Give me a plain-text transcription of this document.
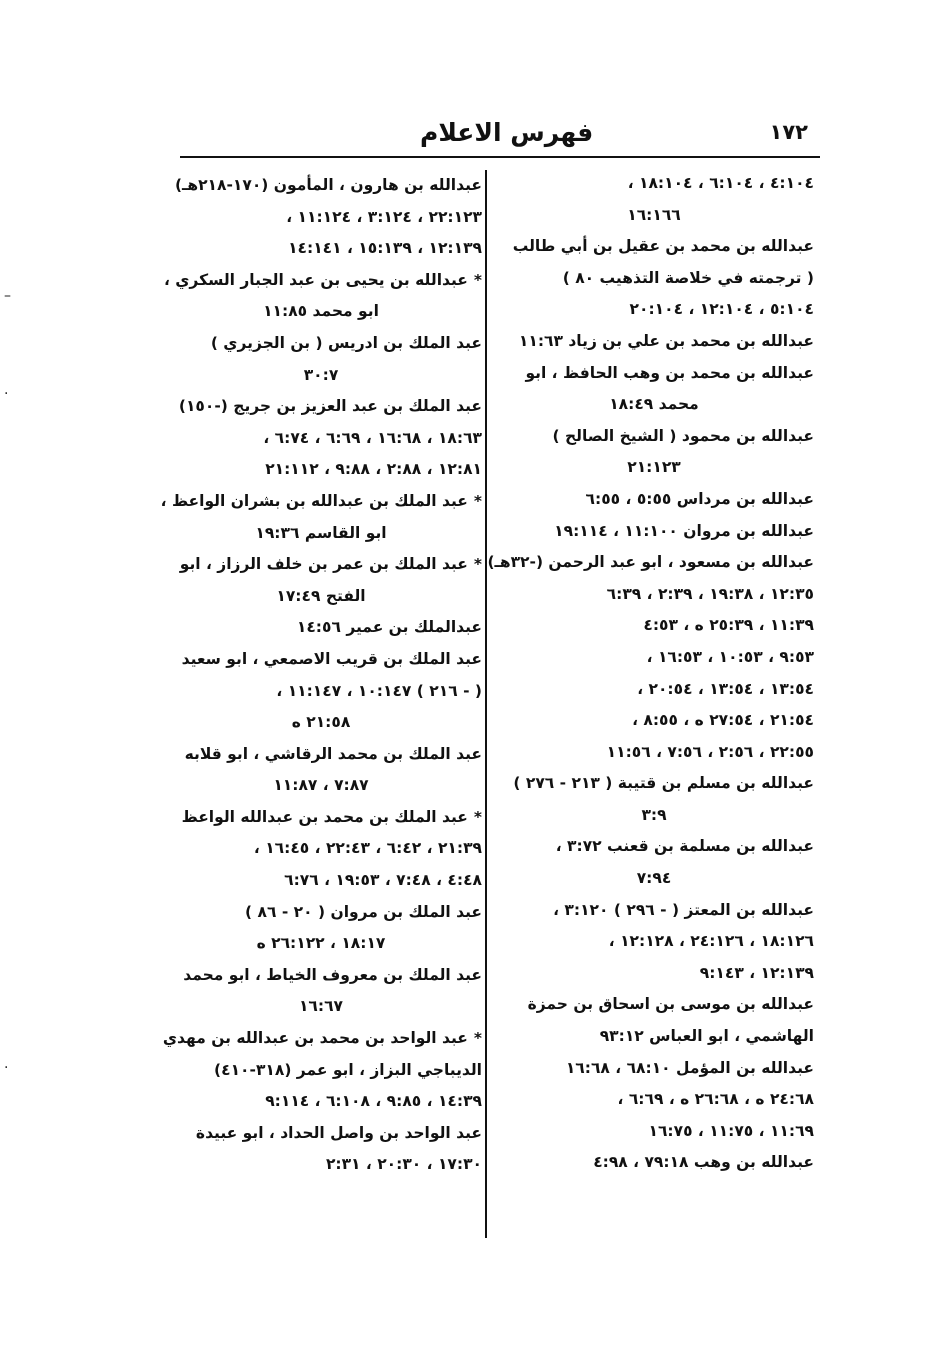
فهرس الاعلام	١٧٢
٤:١٠٤ ، ٦:١٠٤ ، ١٨:١٠٤ ،
١٦:١٦٦
عبدالله بن محمد بن عقيل بن أبي طالب
( ترجمته في خلاصة التذهيب ٨٠ )
٥:١٠٤ ، ١٢:١٠٤ ، ٢٠:١٠٤
عبدالله بن محمد بن علي بن زياد ١١:٦٣
عبدالله بن محمد بن وهب الحافظ ، ابو
محمد ١٨:٤٩
عبدالله بن محمود ( الشيخ الصالح )
٢١:١٢٣
عبدالله بن مرداس ٥:٥٥ ، ٦:٥٥
عبدالله بن مروان ١١:١٠٠ ، ١٩:١١٤
عبدالله بن مسعود ، ابو عبد الرحمن (-٣٢هـ)
١٢:٣٥ ، ١٩:٣٨ ، ٢:٣٩ ، ٦:٣٩
١١:٣٩ ، ٢٥:٣٩ ه ، ٤:٥٣
٩:٥٣ ، ١٠:٥٣ ، ١٦:٥٣ ،
١٣:٥٤ ، ١٣:٥٤ ، ٢٠:٥٤ ،
٢١:٥٤ ، ٢٧:٥٤ ه ، ٨:٥٥ ،
٢٢:٥٥ ، ٢:٥٦ ، ٧:٥٦ ، ١١:٥٦
عبدالله بن مسلم بن قتيبة ( ٢١٣ - ٢٧٦ )
٣:٩
عبدالله بن مسلمة بن قعنب ٣:٧٢ ،
٧:٩٤
عبدالله بن المعتز ( - ٢٩٦ ) ٣:١٢٠ ،
١٨:١٢٦ ، ٢٤:١٢٦ ، ١٢:١٢٨ ،
١٢:١٣٩ ، ٩:١٤٣
عبدالله بن موسى بن اسحاق بن حمزة
الهاشمي ، ابو العباس ٩٣:١٢
عبدالله بن المؤمل ٦٨:١٠ ، ١٦:٦٨
٢٤:٦٨ ه ، ٢٦:٦٨ ه ، ٦:٦٩ ،
١١:٦٩ ، ١١:٧٥ ، ١٦:٧٥
عبدالله بن وهب ٧٩:١٨ ، ٤:٩٨
عبدالله بن هارون ، المأمون (١٧٠-٢١٨هـ)
٢٢:١٢٣ ، ٣:١٢٤ ، ١١:١٢٤ ،
١٢:١٣٩ ، ١٥:١٣٩ ، ١٤:١٤١
*عبدالله بن يحيى بن عبد الجبار السكري ،
ابو محمد ١١:٨٥
عبد الملك بن ادريس ( بن الجزيري )
٣٠:٧
عبد الملك بن عبد العزيز بن جريج (-١٥٠)
١٨:٦٣ ، ١٦:٦٨ ، ٦:٦٩ ، ٦:٧٤ ،
١٢:٨١ ، ٢:٨٨ ، ٩:٨٨ ، ٢١:١١٢
*عبد الملك بن عبدالله بن بشران الواعظ ،
ابو القاسم ١٩:٣٦
*عبد الملك بن عمر بن خلف الرزاز ، ابو
الفتح ١٧:٤٩
عبدالملك بن عمير ١٤:٥٦
عبد الملك بن قريب الاصمعي ، ابو سعيد
( - ٢١٦ ) ١٠:١٤٧ ، ١١:١٤٧ ،
٢١:٥٨ ه
عبد الملك بن محمد الرقاشي ، ابو قلابه
٧:٨٧ ، ١١:٨٧
*عبد الملك بن محمد بن عبدالله الواعظ
٢١:٣٩ ، ٦:٤٢ ، ٢٢:٤٣ ، ١٦:٤٥ ،
٤:٤٨ ، ٧:٤٨ ، ١٩:٥٣ ، ٦:٧٦
عبد الملك بن مروان ( ٢٠ - ٨٦ )
١٨:١٧ ، ٢٦:١٢٢ ه
عبد الملك بن معروف الخياط ، ابو محمد
١٦:٦٧
*عبد الواحد بن محمد بن عبدالله بن مهدي
الديباجي البزاز ، ابو عمر (٣١٨-٤١٠)
١٤:٣٩ ، ٩:٨٥ ، ٦:١٠٨ ، ٩:١١٤
عبد الواحد بن واصل الحداد ، ابو عبيدة
١٧:٣٠ ، ٢٠:٣٠ ، ٢:٣١
–
·
·
